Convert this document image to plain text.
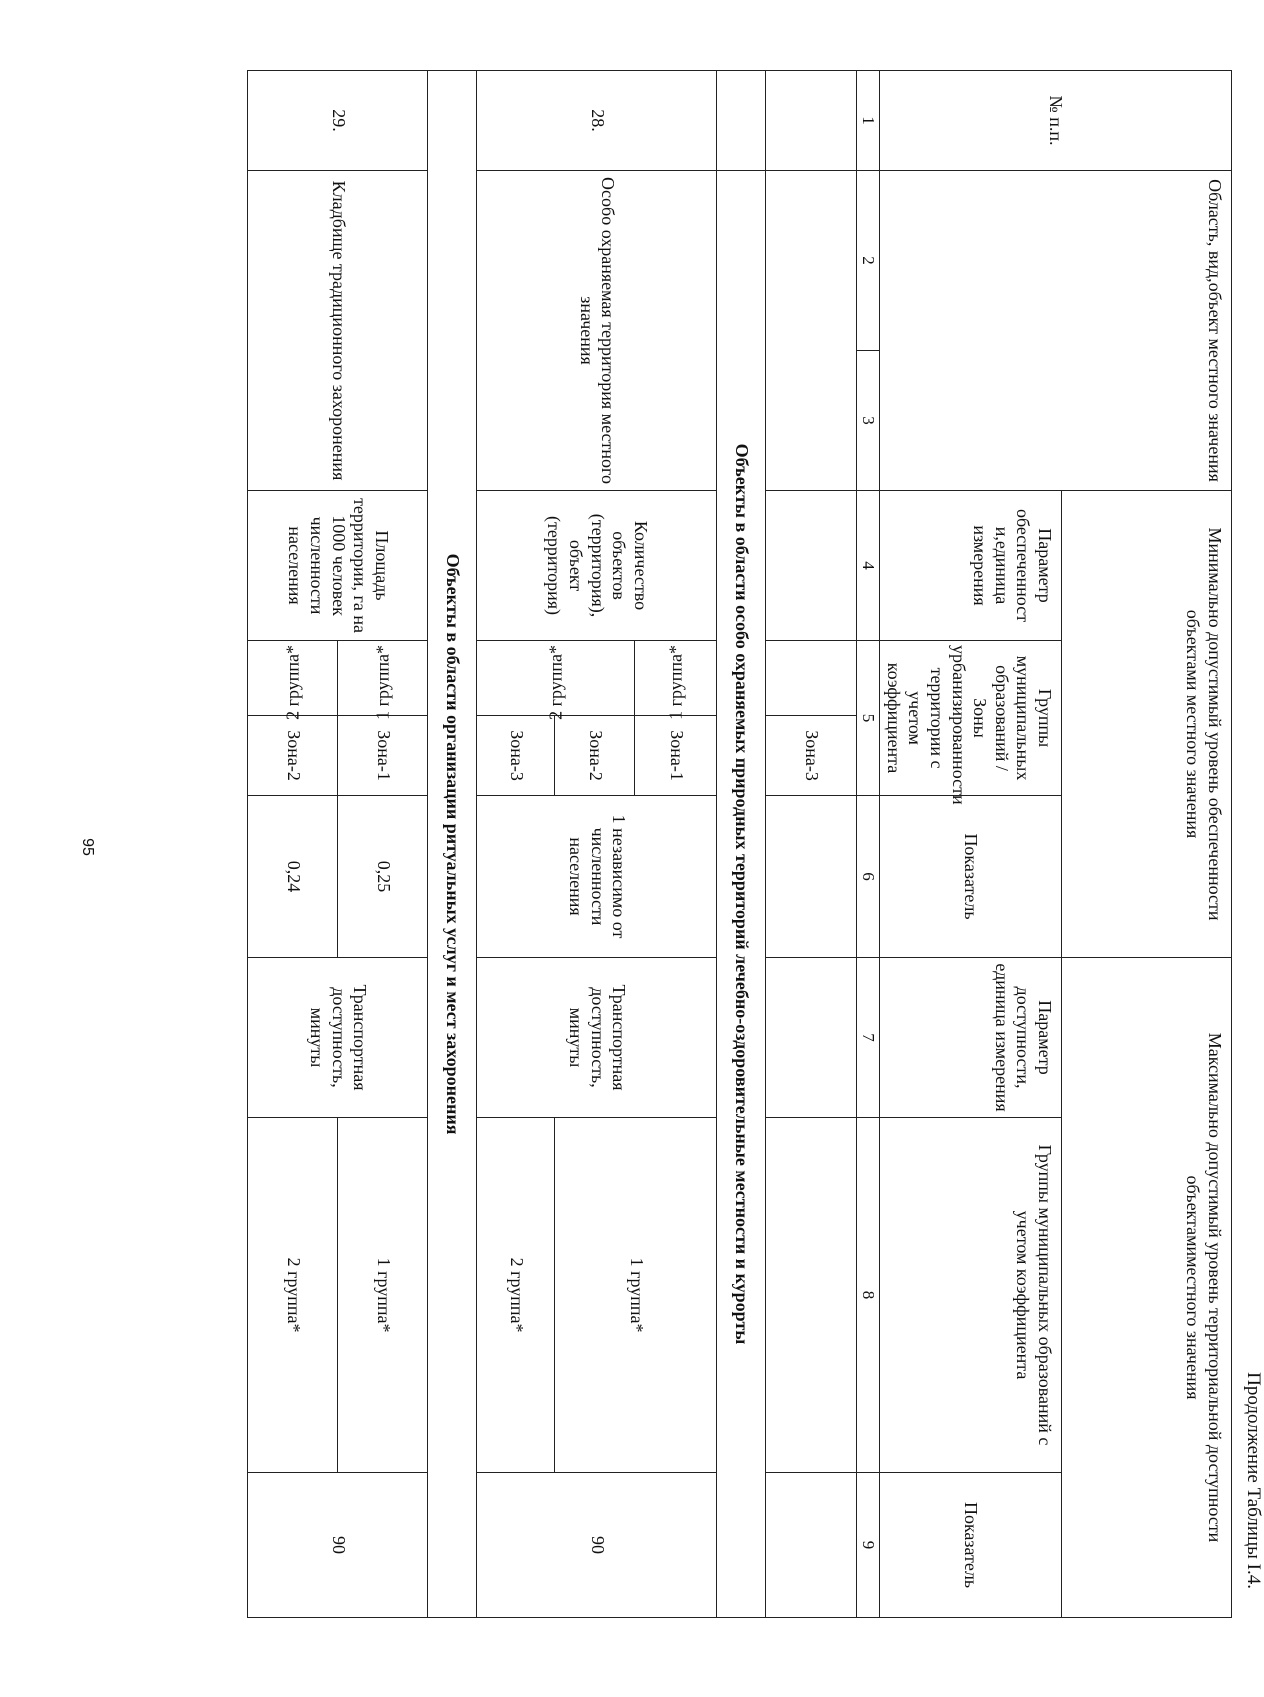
95
Продолжение Таблицы I.4.
№ п.п.	Область, вид,объект местного значения		Минимально допустимый уровень обеспеченности объектами местного значения				Максимально допустимый уровень территориальной доступности объектамиместного значения		
			Параметр обеспеченност и,единица измерения	Группы муниципальных образований / Зоны урбанизированности территории с учетом коэффициента		Показатель	Параметр доступности, единица измерения	Группы муниципальных образований с учетом коэффициента	Показатель
1	2	3	4	5		6	7	8	9
					Зона-3				
	Объекты в области особо охраняемых природных территорий лечебно-оздоровительные местности и курорты								
28.	Особо охраняемая территория местного значения		Количество объектов (территория), объект (территория)	1 группа*	Зона-1	1 независимо от численности населения	Транспортная доступность, минуты	1 группа*	90
				2 группа*	Зона-2				
					Зона-3			2 группа*	
Объекты в области организации ритуальных услуг и мест захоронения									
29.	Кладбище традиционного захоронения		Площадь территории, га на 1000 человек численности населения	1 группа*	Зона-1	0,25	Транспортная доступность, минуты	1 группа*	90
				2 группа*	Зона-2	0,24		2 группа*	
